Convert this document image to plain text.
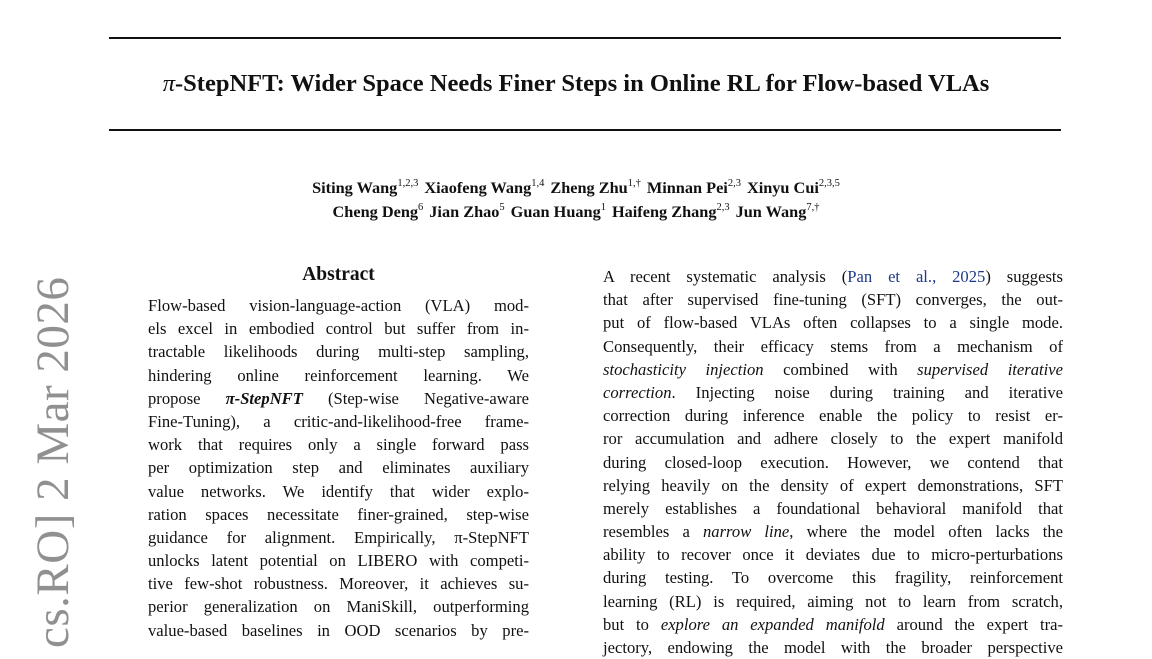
π-StepNFT: Wider Space Needs Finer Steps in Online RL for Flow-based VLAs
Siting Wang$^{1,2,3}$ Xiaofeng Wang$^{1,4}$ Zheng Zhu$^{1,\dagger}$ Minnan Pei$^{2,3}$ Xinyu Cui$^{2,3,5}$
Cheng Deng$^6$ Jian Zhao$^5$ Guan Huang$^1$ Haifeng Zhang$^{2,3}$ Jun Wang$^{7,\dagger}$
cs.RO] 2 Mar 2026
Abstract
Flow-based vision-language-action (VLA) mod-
els excel in embodied control but suffer from in-
tractable likelihoods during multi-step sampling,
hindering online reinforcement learning. We
propose π-StepNFT (Step-wise Negative-aware
Fine-Tuning), a critic-and-likelihood-free frame-
work that requires only a single forward pass
per optimization step and eliminates auxiliary
value networks. We identify that wider explo-
ration spaces necessitate finer-grained, step-wise
guidance for alignment. Empirically, π-StepNFT
unlocks latent potential on LIBERO with competi-
tive few-shot robustness. Moreover, it achieves su-
perior generalization on ManiSkill, outperforming
value-based baselines in OOD scenarios by pre-
A recent systematic analysis (Pan et al., 2025) suggests
that after supervised fine-tuning (SFT) converges, the out-
put of flow-based VLAs often collapses to a single mode.
Consequently, their efficacy stems from a mechanism of
stochasticity injection combined with supervised iterative
correction. Injecting noise during training and iterative
correction during inference enable the policy to resist er-
ror accumulation and adhere closely to the expert manifold
during closed-loop execution. However, we contend that
relying heavily on the density of expert demonstrations, SFT
merely establishes a foundational behavioral manifold that
resembles a narrow line, where the model often lacks the
ability to recover once it deviates due to micro-perturbations
during testing. To overcome this fragility, reinforcement
learning (RL) is required, aiming not to learn from scratch,
but to explore an expanded manifold around the expert tra-
jectory, endowing the model with the broader perspective
